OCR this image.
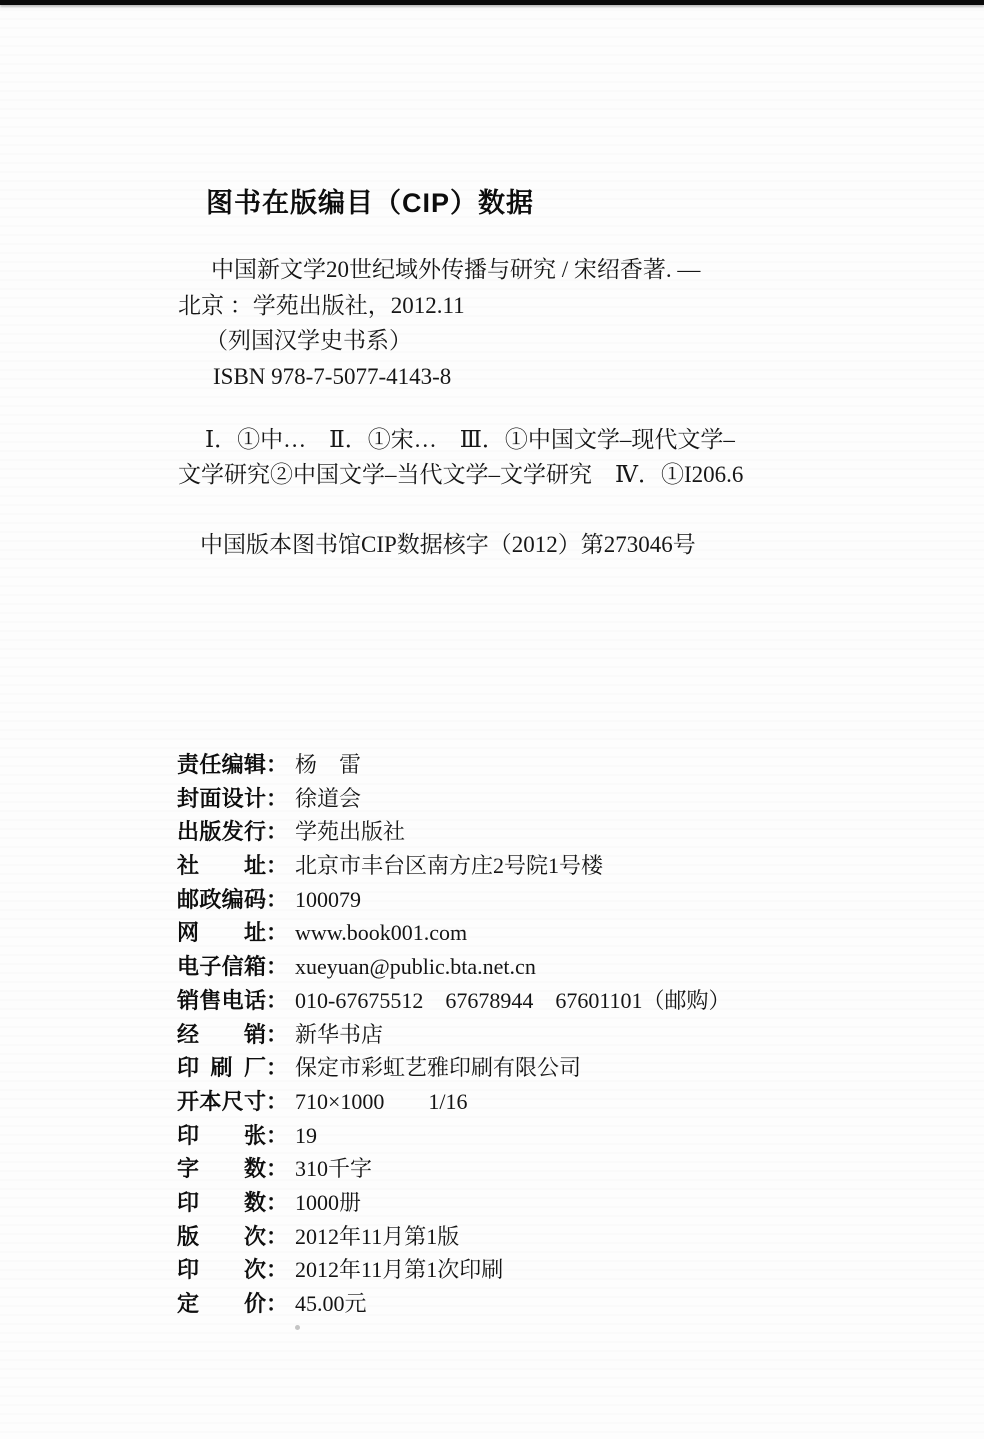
图书在版编目（CIP）数据

中国新文学20世纪域外传播与研究 / 宋绍香著. —

北京 ：学苑出版社，2012.11

（列国汉学史书系）

ISBN 978-7-5077-4143-8

Ⅰ．①中…　Ⅱ．①宋…　Ⅲ．①中国文学–现代文学–

文学研究②中国文学–当代文学–文学研究　Ⅳ．①I206.6

中国版本图书馆CIP数据核字（2012）第273046号

责任编辑 ： 杨　雷
封面设计 ： 徐道会
出版发行 ： 学苑出版社
社址 ： 北京市丰台区南方庄2号院1号楼
邮政编码 ： 100079
网址 ： www.book001.com
电子信箱 ： xueyuan@public.bta.net.cn
销售电话 ： 010-67675512　67678944　67601101（邮购）
经销 ： 新华书店
印刷厂 ： 保定市彩虹艺雅印刷有限公司
开本尺寸 ： 710×1000　　1/16
印张 ： 19
字数 ： 310千字
印数 ： 1000册
版次 ： 2012年11月第1版
印次 ： 2012年11月第1次印刷
定价 ： 45.00元
